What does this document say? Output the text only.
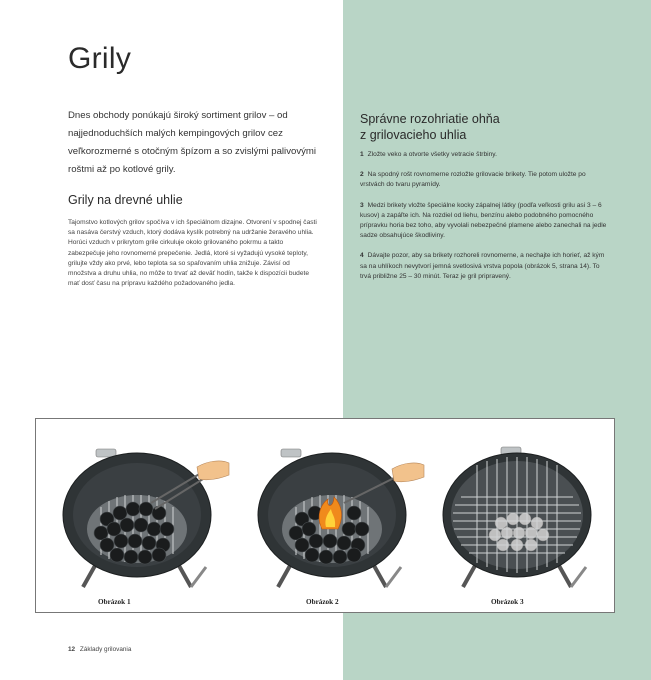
Grily

Dnes obchody ponúkajú široký sortiment grilov – od najjednoduchších malých kempingových grilov cez veľkorozmerné s otočným špízom a so zvislými palivovými roštmi až po kotlové grily.

Grily na drevné uhlie

Tajomstvo kotlových grilov spočíva v ich špeciálnom dizajne. Otvorení v spodnej časti sa nasáva čerstvý vzduch, ktorý dodáva kyslík potrebný na udržanie žeravého uhlia. Horúci vzduch v prikrytom grile cirkuluje okolo grilovaného pokrmu a takto zabezpečuje jeho rovnomerné prepečenie. Jedlá, ktoré si vyžadujú vysoké teploty, grilujte vždy ako prvé, lebo teplota sa so spaľovaním uhlia znižuje. Závisí od množstva a druhu uhlia, no môže to trvať až deväť hodín, takže k dispozícii budete mať dosť času na prípravu každého požadovaného jedla.

Správne rozohriatie ohňa
z grilovacieho uhlia
1 Zložte veko a otvorte všetky vetracie štrbiny.
2 Na spodný rošt rovnomerne rozložte grilovacie brikety. Tie potom uložte po vrstvách do tvaru pyramídy.
3 Medzi brikety vložte špeciálne kocky zápalnej látky (podľa veľkosti grilu asi 3 – 6 kusov) a zapáľte ich. Na rozdiel od liehu, benzínu alebo podobného pomocného prípravku horia bez toho, aby vyvolali nebezpečné plamene alebo zanechali na jedle sadze obsahujúce škodliviny.
4 Dávajte pozor, aby sa brikety rozhoreli rovnomerne, a nechajte ich horieť, až kým sa na uhlíkoch nevytvorí jemná svetlosivá vrstva popola (obrázok 5, strana 14). To trvá približne 25 – 30 minút. Teraz je gril pripravený.
Obrázok 1	Obrázok 2	Obrázok 3
12 Základy grilovania
